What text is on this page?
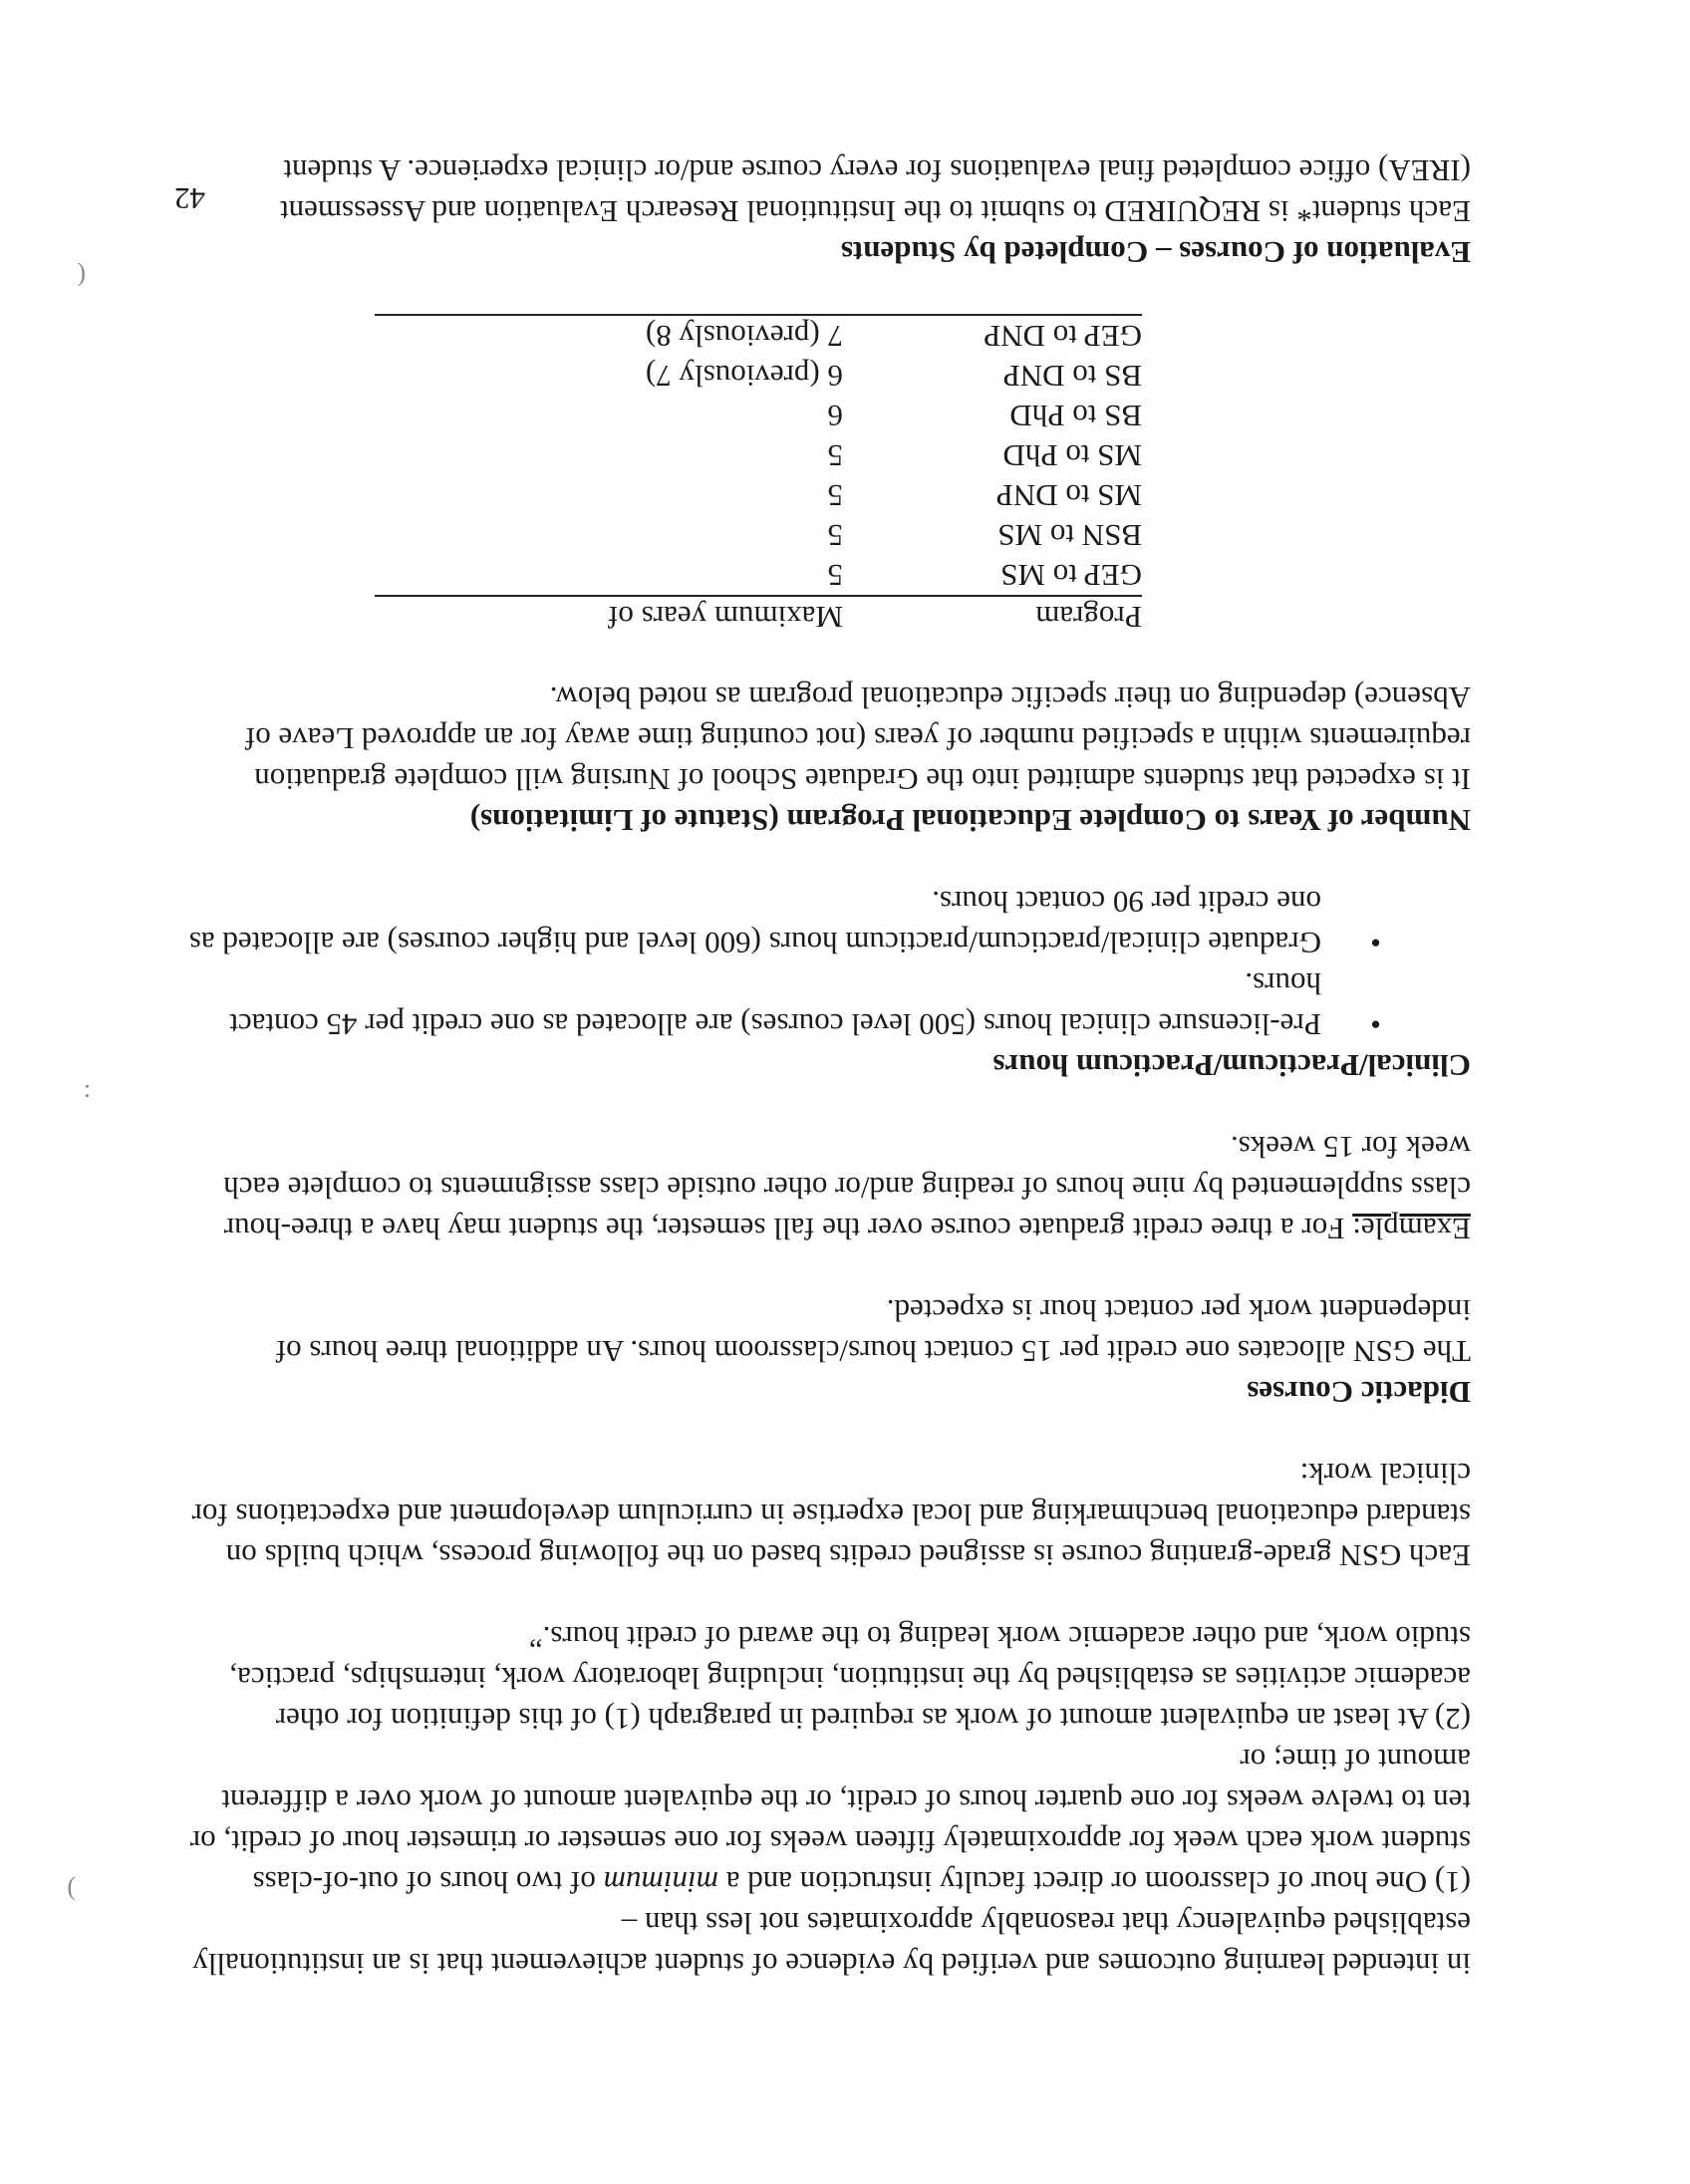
in intended learning outcomes and verified by evidence of student achievement that is an institutionally established equivalency that reasonably approximates not less than –

(1) One hour of classroom or direct faculty instruction and a minimum of two hours of out-of-class student work each week for approximately fifteen weeks for one semester or trimester hour of credit, or ten to twelve weeks for one quarter hours of credit, or the equivalent amount of work over a different amount of time; or

(2) At least an equivalent amount of work as required in paragraph (1) of this definition for other academic activities as established by the institution, including laboratory work, internships, practica, studio work, and other academic work leading to the award of credit hours.”

Each GSN grade-granting course is assigned credits based on the following process, which builds on standard educational benchmarking and local expertise in curriculum development and expectations for clinical work:

Didactic Courses

The GSN allocates one credit per 15 contact hours/classroom hours. An additional three hours of independent work per contact hour is expected.

Example: For a three credit graduate course over the fall semester, the student may have a three-hour class supplemented by nine hours of reading and/or other outside class assignments to complete each week for 15 weeks.

Clinical/Practicum/Practicum hours

• Pre-licensure clinical hours (500 level courses) are allocated as one credit per 45 contact hours.
• Graduate clinical/practicum/practicum hours (600 level and higher courses) are allocated as one credit per 90 contact hours.

Number of Years to Complete Educational Program (Statute of Limitations)

It is expected that students admitted into the Graduate School of Nursing will complete graduation requirements within a specified number of years (not counting time away for an approved Leave of Absence) depending on their specific educational program as noted below.

Program	Maximum years of
GEP to MS	5
BSN to MS	5
MS to DNP	5
MS to PhD	5
BS to PhD	6
BS to DNP	6 (previously 7)
GEP to DNP	7 (previously 8)

Evaluation of Courses – Completed by Students

Each student* is REQUIRED to submit to the Institutional Research Evaluation and Assessment (IREA) office completed final evaluations for every course and/or clinical experience. A student

42
(
:
)
